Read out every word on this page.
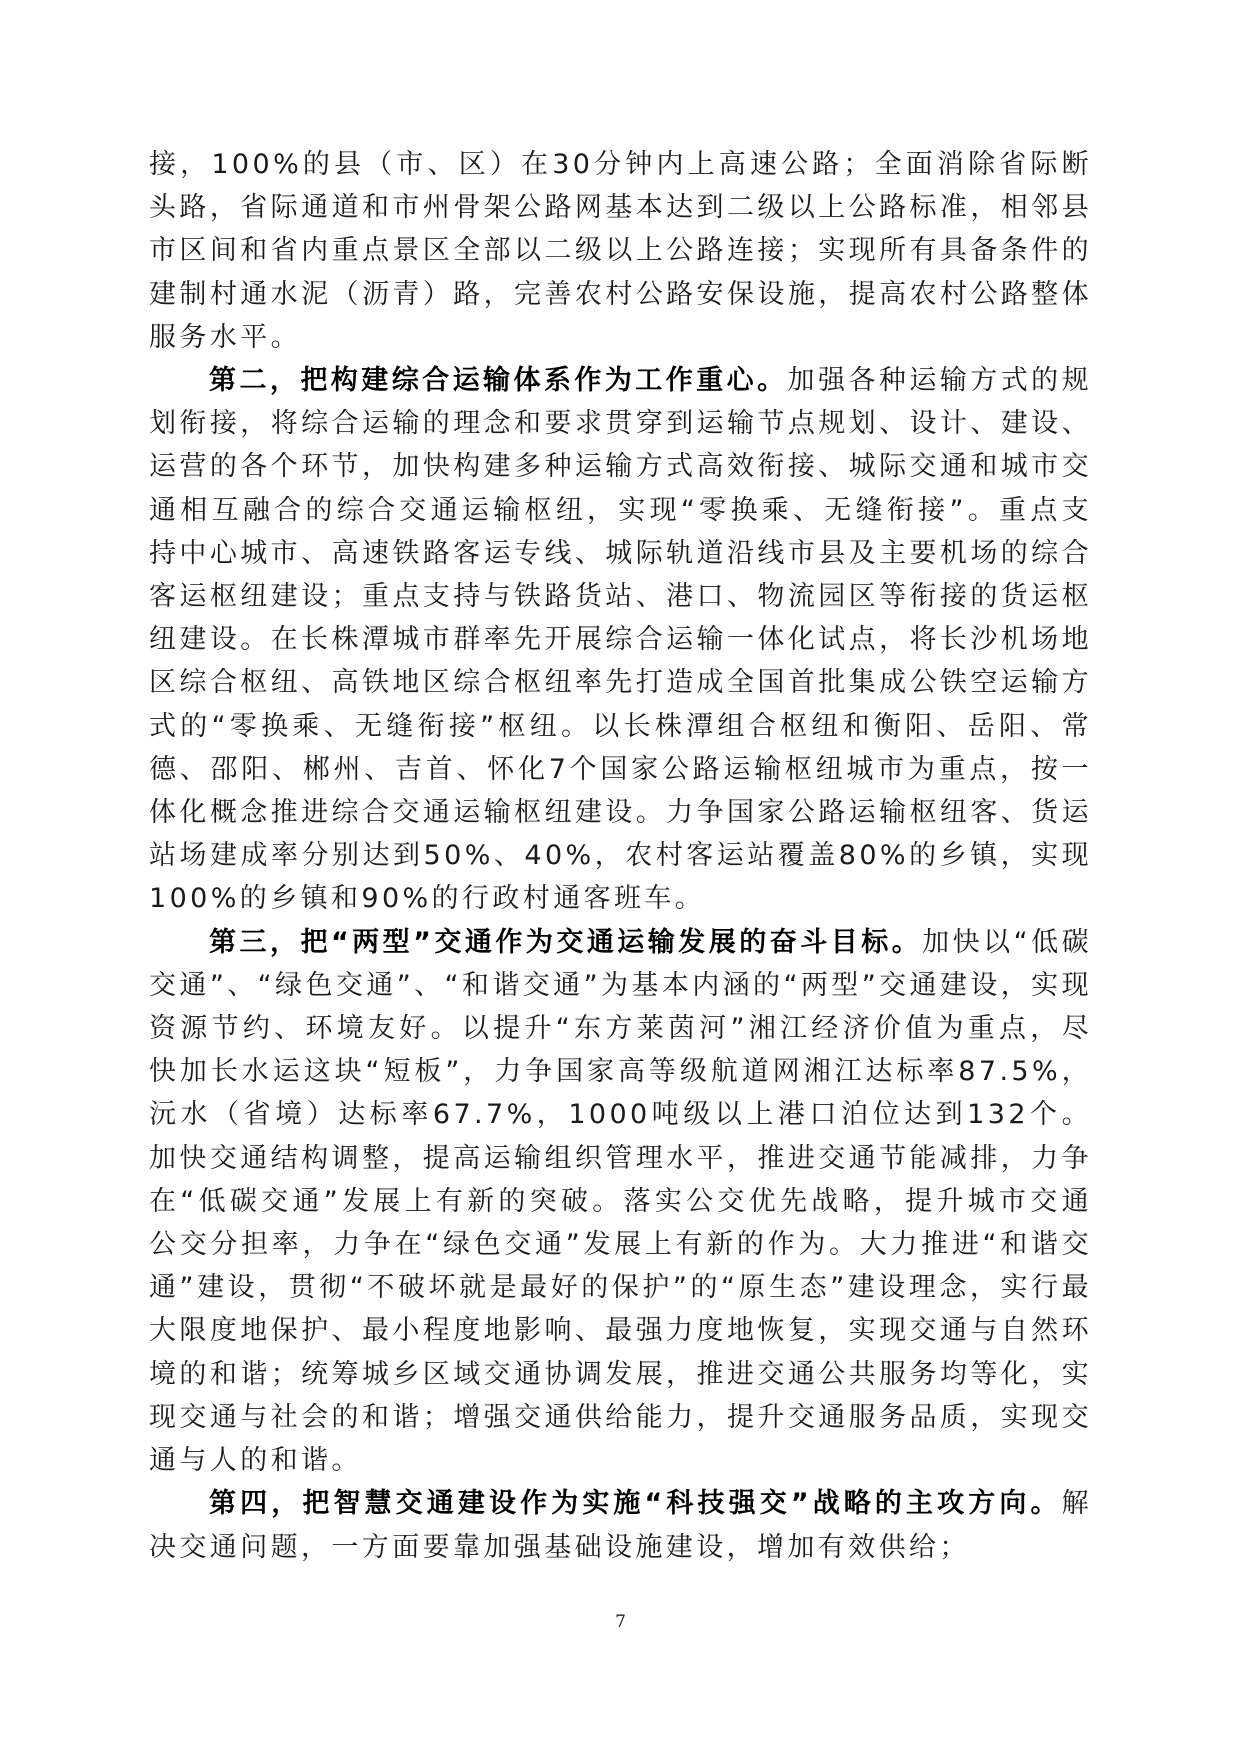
接，100%的县（市、区）在30分钟内上高速公路；全面消除省际断头路，省际通道和市州骨架公路网基本达到二级以上公路标准，相邻县市区间和省内重点景区全部以二级以上公路连接；实现所有具备条件的建制村通水泥（沥青）路，完善农村公路安保设施，提高农村公路整体服务水平。

第二，把构建综合运输体系作为工作重心。加强各种运输方式的规划衔接，将综合运输的理念和要求贯穿到运输节点规划、设计、建设、运营的各个环节，加快构建多种运输方式高效衔接、城际交通和城市交通相互融合的综合交通运输枢纽，实现“零换乘、无缝衔接”。重点支持中心城市、高速铁路客运专线、城际轨道沿线市县及主要机场的综合客运枢纽建设；重点支持与铁路货站、港口、物流园区等衔接的货运枢纽建设。在长株潭城市群率先开展综合运输一体化试点，将长沙机场地区综合枢纽、高铁地区综合枢纽率先打造成全国首批集成公铁空运输方式的“零换乘、无缝衔接”枢纽。以长株潭组合枢纽和衡阳、岳阳、常德、邵阳、郴州、吉首、怀化7个国家公路运输枢纽城市为重点，按一体化概念推进综合交通运输枢纽建设。力争国家公路运输枢纽客、货运站场建成率分别达到50%、40%，农村客运站覆盖80%的乡镇，实现100%的乡镇和90%的行政村通客班车。

第三，把“两型”交通作为交通运输发展的奋斗目标。加快以“低碳交通”、“绿色交通”、“和谐交通”为基本内涵的“两型”交通建设，实现资源节约、环境友好。以提升“东方莱茵河”湘江经济价值为重点，尽快加长水运这块“短板”，力争国家高等级航道网湘江达标率87.5%，沅水（省境）达标率67.7%，1000吨级以上港口泊位达到132个。加快交通结构调整，提高运输组织管理水平，推进交通节能减排，力争在“低碳交通”发展上有新的突破。落实公交优先战略，提升城市交通公交分担率，力争在“绿色交通”发展上有新的作为。大力推进“和谐交通”建设，贯彻“不破坏就是最好的保护”的“原生态”建设理念，实行最大限度地保护、最小程度地影响、最强力度地恢复，实现交通与自然环境的和谐；统筹城乡区域交通协调发展，推进交通公共服务均等化，实现交通与社会的和谐；增强交通供给能力，提升交通服务品质，实现交通与人的和谐。

第四，把智慧交通建设作为实施“科技强交”战略的主攻方向。解决交通问题，一方面要靠加强基础设施建设，增加有效供给；

7
